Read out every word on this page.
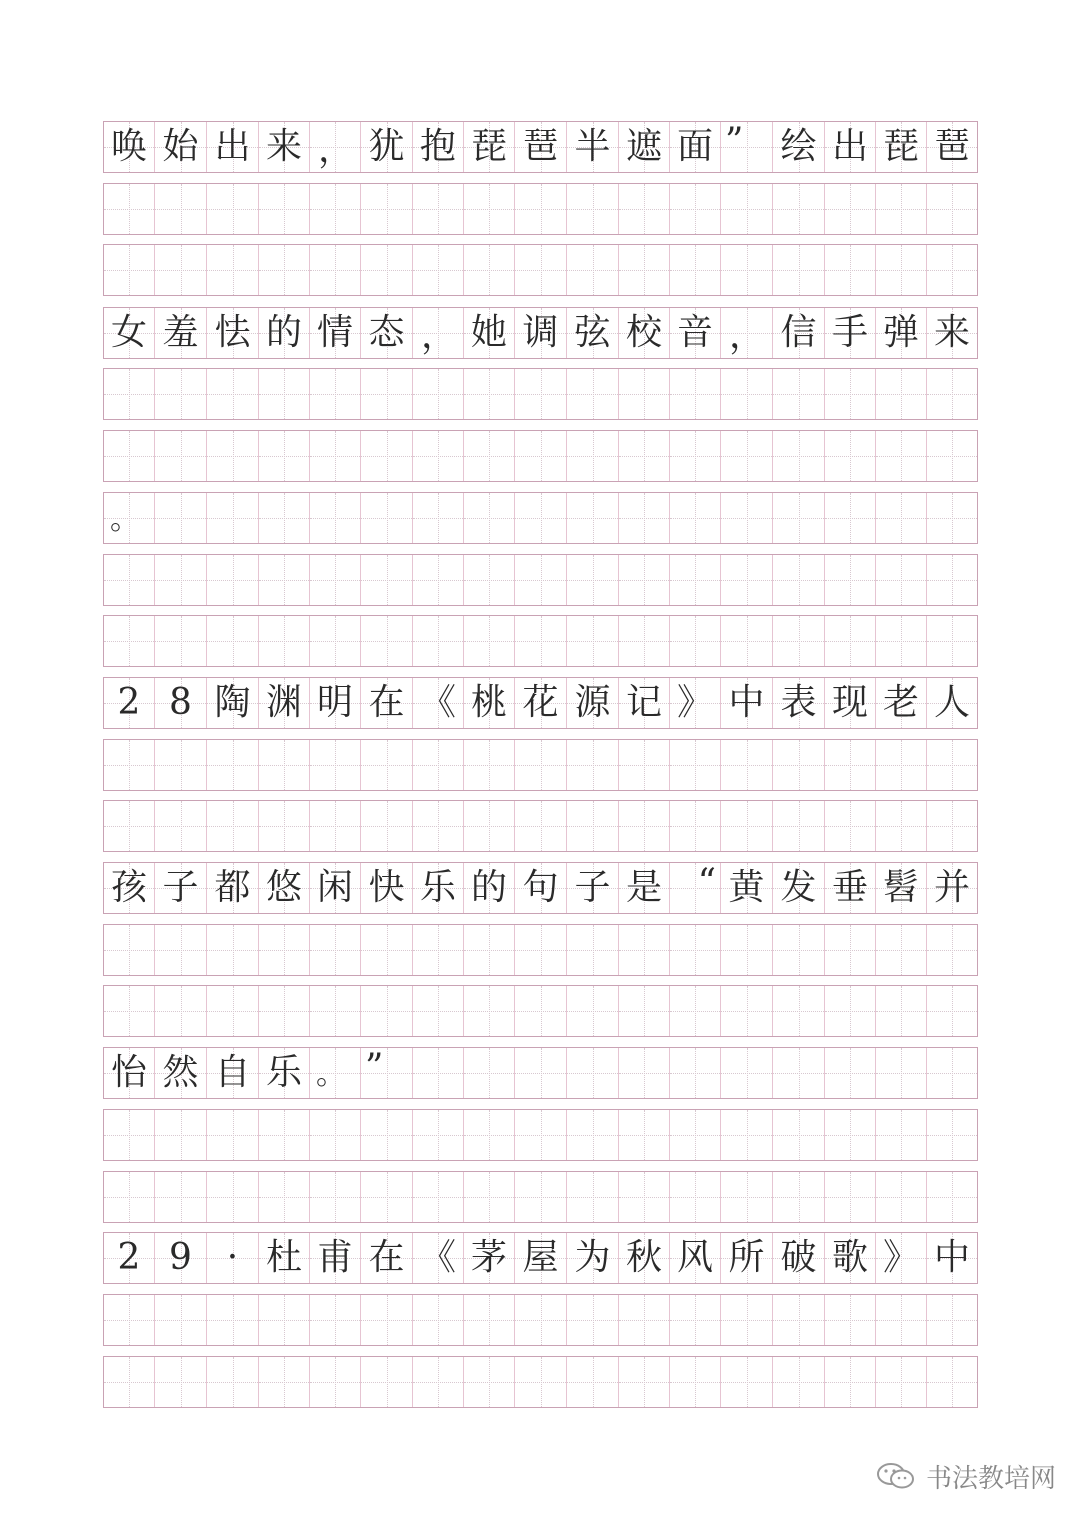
唤 始 出 来 ， 犹 抱 琵 琶 半 遮 面 ”	绘 出 琵 琶
女 羞 怯 的 情 态 ， 她 调 弦 校 音 ， 信 手 弹 来
。
2 8 陶 渊 明 在 《 桃 花 源 记 》 中 表 现 老 人
孩 子 都 悠 闲 快 乐 的 句 子 是 “ 黄 发 垂 髫 并
怡 然 自 乐 。 ”
2 9 · 杜 甫 在 《 茅 屋 为 秋 风 所 破 歌 》 中
书法教培网
